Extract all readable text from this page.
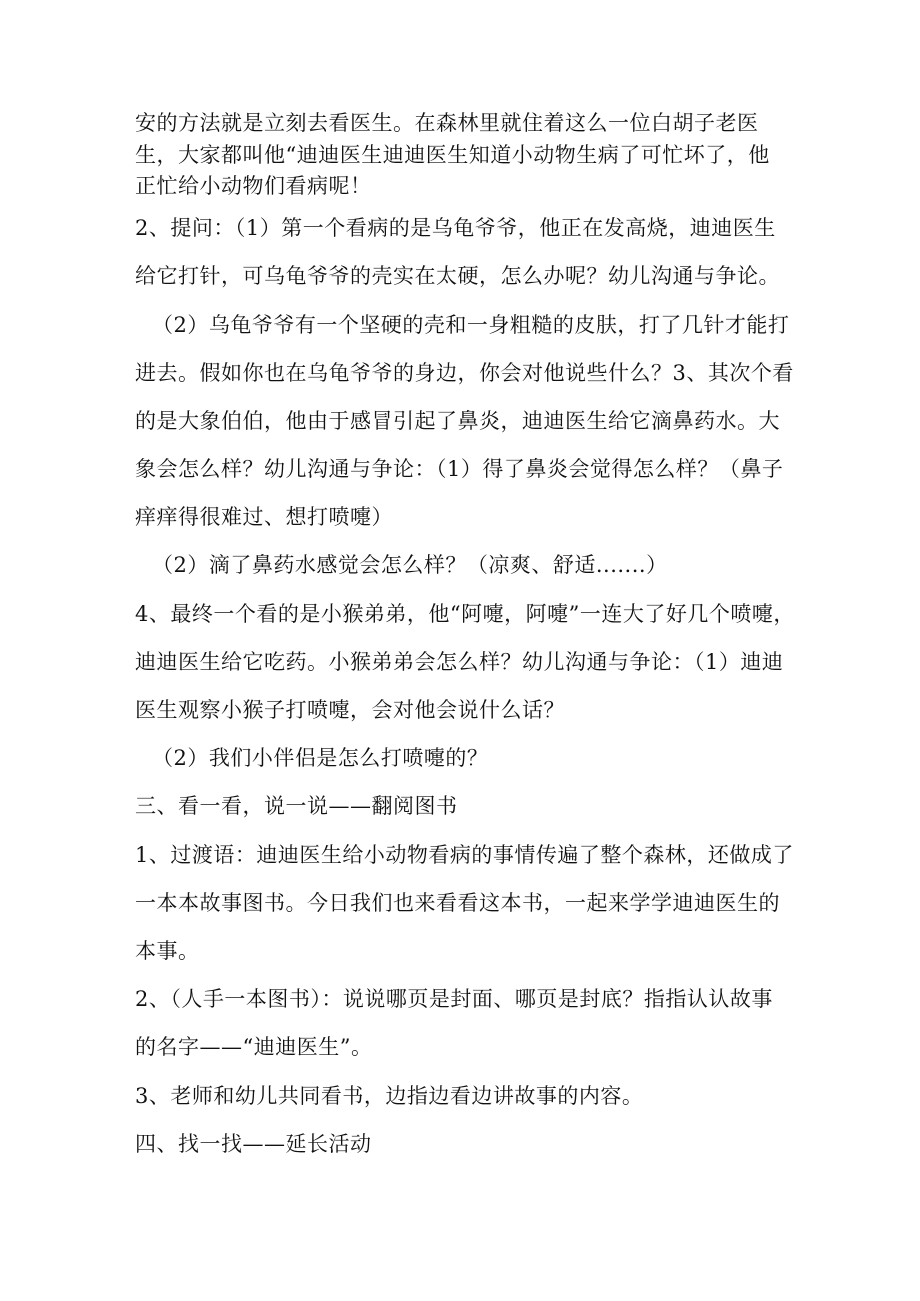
安的方法就是立刻去看医生。在森林里就住着这么一位白胡子老医
生，大家都叫他“迪迪医生迪迪医生知道小动物生病了可忙坏了，他
正忙给小动物们看病呢！
2、提问：（1）第一个看病的是乌龟爷爷，他正在发高烧，迪迪医生
给它打针，可乌龟爷爷的壳实在太硬，怎么办呢？幼儿沟通与争论。
（2）乌龟爷爷有一个坚硬的壳和一身粗糙的皮肤，打了几针才能打
进去。假如你也在乌龟爷爷的身边，你会对他说些什么？3、其次个看
的是大象伯伯，他由于感冒引起了鼻炎，迪迪医生给它滴鼻药水。大
象会怎么样？幼儿沟通与争论：（1）得了鼻炎会觉得怎么样？（鼻子
痒痒得很难过、想打喷嚏）
（2）滴了鼻药水感觉会怎么样？（凉爽、舒适.......）
4、最终一个看的是小猴弟弟，他“阿嚏，阿嚏”一连大了好几个喷嚏，
迪迪医生给它吃药。小猴弟弟会怎么样？幼儿沟通与争论：（1）迪迪
医生观察小猴子打喷嚏，会对他会说什么话？
（2）我们小伴侣是怎么打喷嚏的？
三、看一看，说一说——翻阅图书
1、过渡语：迪迪医生给小动物看病的事情传遍了整个森林，还做成了
一本本故事图书。今日我们也来看看这本书，一起来学学迪迪医生的
本事。
2、（人手一本图书）：说说哪页是封面、哪页是封底？指指认认故事
的名字——“迪迪医生”。
3、老师和幼儿共同看书，边指边看边讲故事的内容。
四、找一找——延长活动
